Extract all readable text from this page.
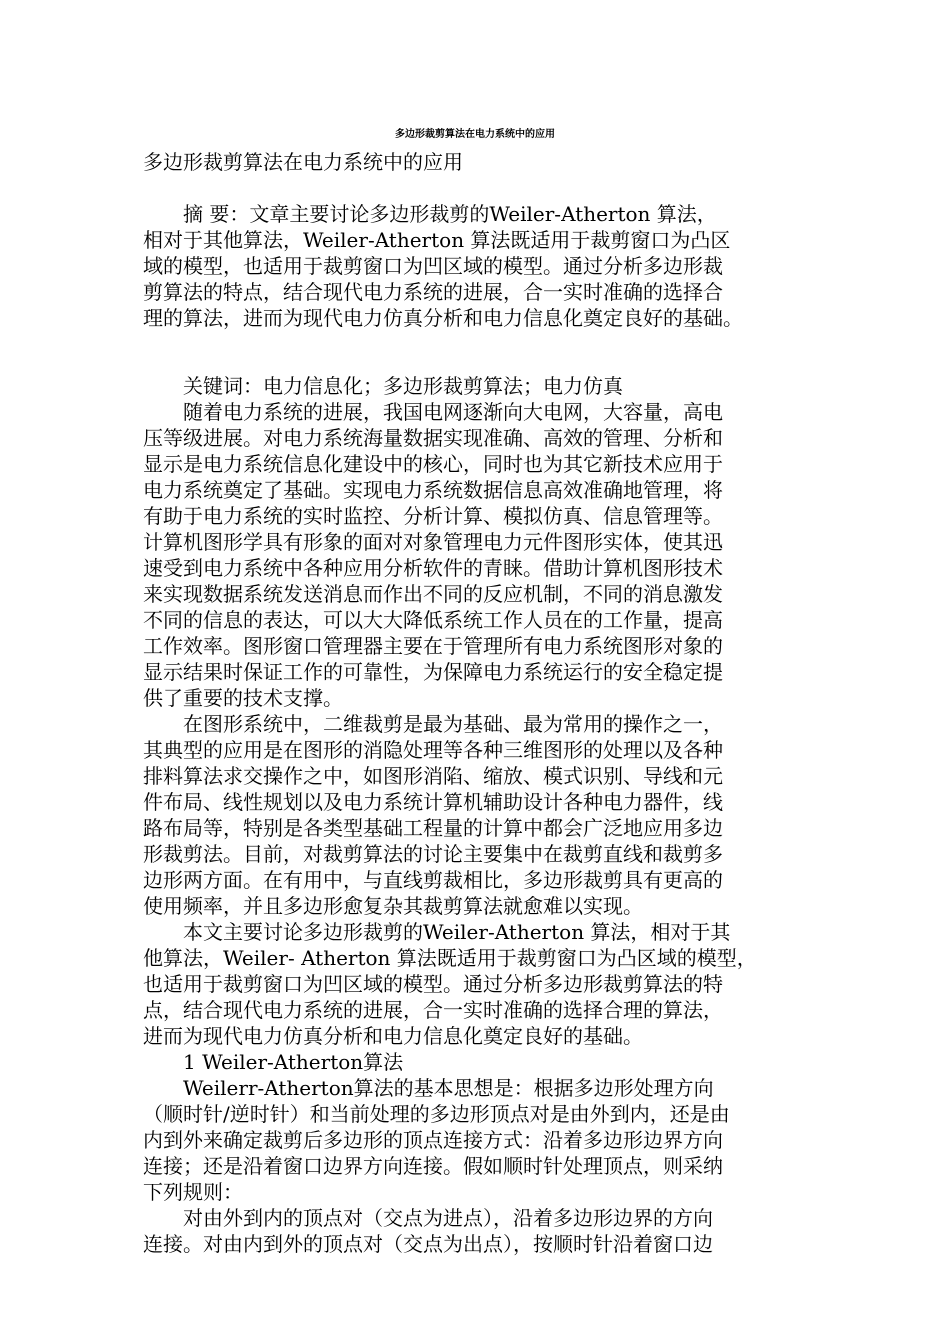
多边形裁剪算法在电力系统中的应用
多边形裁剪算法在电力系统中的应用
　　摘 要：文章主要讨论多边形裁剪的Weiler-Atherton 算法，
相对于其他算法，Weiler-Atherton 算法既适用于裁剪窗口为凸区
域的模型，也适用于裁剪窗口为凹区域的模型。通过分析多边形裁
剪算法的特点，结合现代电力系统的进展，合一实时准确的选择合
理的算法，进而为现代电力仿真分析和电力信息化奠定良好的基础。
　　关键词：电力信息化；多边形裁剪算法；电力仿真
　　随着电力系统的进展，我国电网逐渐向大电网，大容量，高电
压等级进展。对电力系统海量数据实现准确、高效的管理、分析和
显示是电力系统信息化建设中的核心，同时也为其它新技术应用于
电力系统奠定了基础。实现电力系统数据信息高效准确地管理，将
有助于电力系统的实时监控、分析计算、模拟仿真、信息管理等。
计算机图形学具有形象的面对对象管理电力元件图形实体，使其迅
速受到电力系统中各种应用分析软件的青睐。借助计算机图形技术
来实现数据系统发送消息而作出不同的反应机制，不同的消息激发
不同的信息的表达，可以大大降低系统工作人员在的工作量，提高
工作效率。图形窗口管理器主要在于管理所有电力系统图形对象的
显示结果时保证工作的可靠性，为保障电力系统运行的安全稳定提
供了重要的技术支撑。
　　在图形系统中，二维裁剪是最为基础、最为常用的操作之一，
其典型的应用是在图形的消隐处理等各种三维图形的处理以及各种
排料算法求交操作之中，如图形消陷、缩放、模式识别、导线和元
件布局、线性规划以及电力系统计算机辅助设计各种电力器件，线
路布局等，特别是各类型基础工程量的计算中都会广泛地应用多边
形裁剪法。目前，对裁剪算法的讨论主要集中在裁剪直线和裁剪多
边形两方面。在有用中，与直线剪裁相比，多边形裁剪具有更高的
使用频率，并且多边形愈复杂其裁剪算法就愈难以实现。
　　本文主要讨论多边形裁剪的Weiler-Atherton 算法，相对于其
他算法，Weiler- Atherton 算法既适用于裁剪窗口为凸区域的模型，
也适用于裁剪窗口为凹区域的模型。通过分析多边形裁剪算法的特
点，结合现代电力系统的进展，合一实时准确的选择合理的算法，
进而为现代电力仿真分析和电力信息化奠定良好的基础。
　　1 Weiler-Atherton算法
　　Weilerr-Atherton算法的基本思想是：根据多边形处理方向
（顺时针/逆时针）和当前处理的多边形顶点对是由外到内，还是由
内到外来确定裁剪后多边形的顶点连接方式：沿着多边形边界方向
连接；还是沿着窗口边界方向连接。假如顺时针处理顶点，则采纳
下列规则：
　　对由外到内的顶点对（交点为进点），沿着多边形边界的方向
连接。对由内到外的顶点对（交点为出点），按顺时针沿着窗口边
